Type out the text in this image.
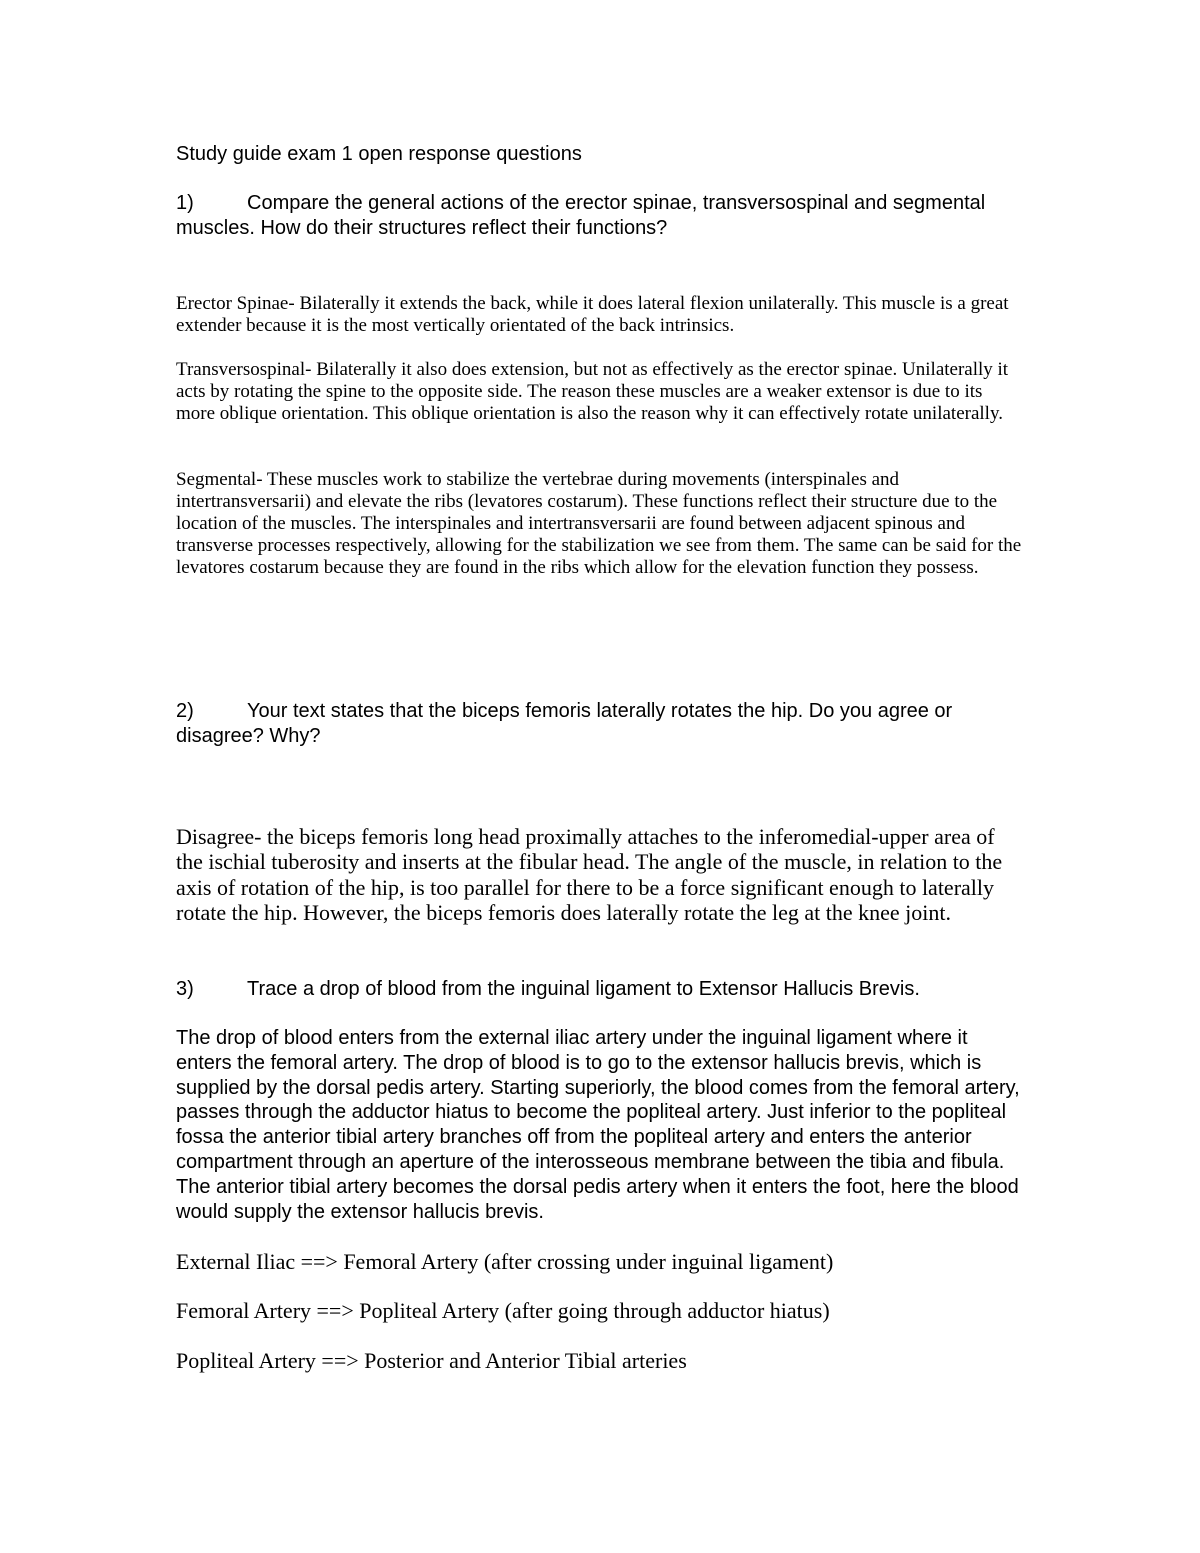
Study guide exam 1 open response questions

1)	Compare the general actions of the erector spinae, transversospinal and segmental muscles. How do their structures reflect their functions?

Erector Spinae- Bilaterally it extends the back, while it does lateral flexion unilaterally. This muscle is a great extender because it is the most vertically orientated of the back intrinsics.

Transversospinal- Bilaterally it also does extension, but not as effectively as the erector spinae. Unilaterally it acts by rotating the spine to the opposite side. The reason these muscles are a weaker extensor is due to its more oblique orientation. This oblique orientation is also the reason why it can effectively rotate unilaterally.

Segmental- These muscles work to stabilize the vertebrae during movements (interspinales and intertransversarii) and elevate the ribs (levatores costarum). These functions reflect their structure due to the location of the muscles. The interspinales and intertransversarii are found between adjacent spinous and transverse processes respectively, allowing for the stabilization we see from them. The same can be said for the levatores costarum because they are found in the ribs which allow for the elevation function they possess.

2)	Your text states that the biceps femoris laterally rotates the hip. Do you agree or disagree? Why?

Disagree- the biceps femoris long head proximally attaches to the inferomedial-upper area of the ischial tuberosity and inserts at the fibular head. The angle of the muscle, in relation to the axis of rotation of the hip, is too parallel for there to be a force significant enough to laterally rotate the hip. However, the biceps femoris does laterally rotate the leg at the knee joint.

3)	Trace a drop of blood from the inguinal ligament to Extensor Hallucis Brevis.

The drop of blood enters from the external iliac artery under the inguinal ligament where it enters the femoral artery. The drop of blood is to go to the extensor hallucis brevis, which is supplied by the dorsal pedis artery. Starting superiorly, the blood comes from the femoral artery, passes through the adductor hiatus to become the popliteal artery. Just inferior to the popliteal fossa the anterior tibial artery branches off from the popliteal artery and enters the anterior compartment through an aperture of the interosseous membrane between the tibia and fibula. The anterior tibial artery becomes the dorsal pedis artery when it enters the foot, here the blood would supply the extensor hallucis brevis.

External Iliac ==> Femoral Artery (after crossing under inguinal ligament)

Femoral Artery ==> Popliteal Artery (after going through adductor hiatus)

Popliteal Artery ==> Posterior and Anterior Tibial arteries
